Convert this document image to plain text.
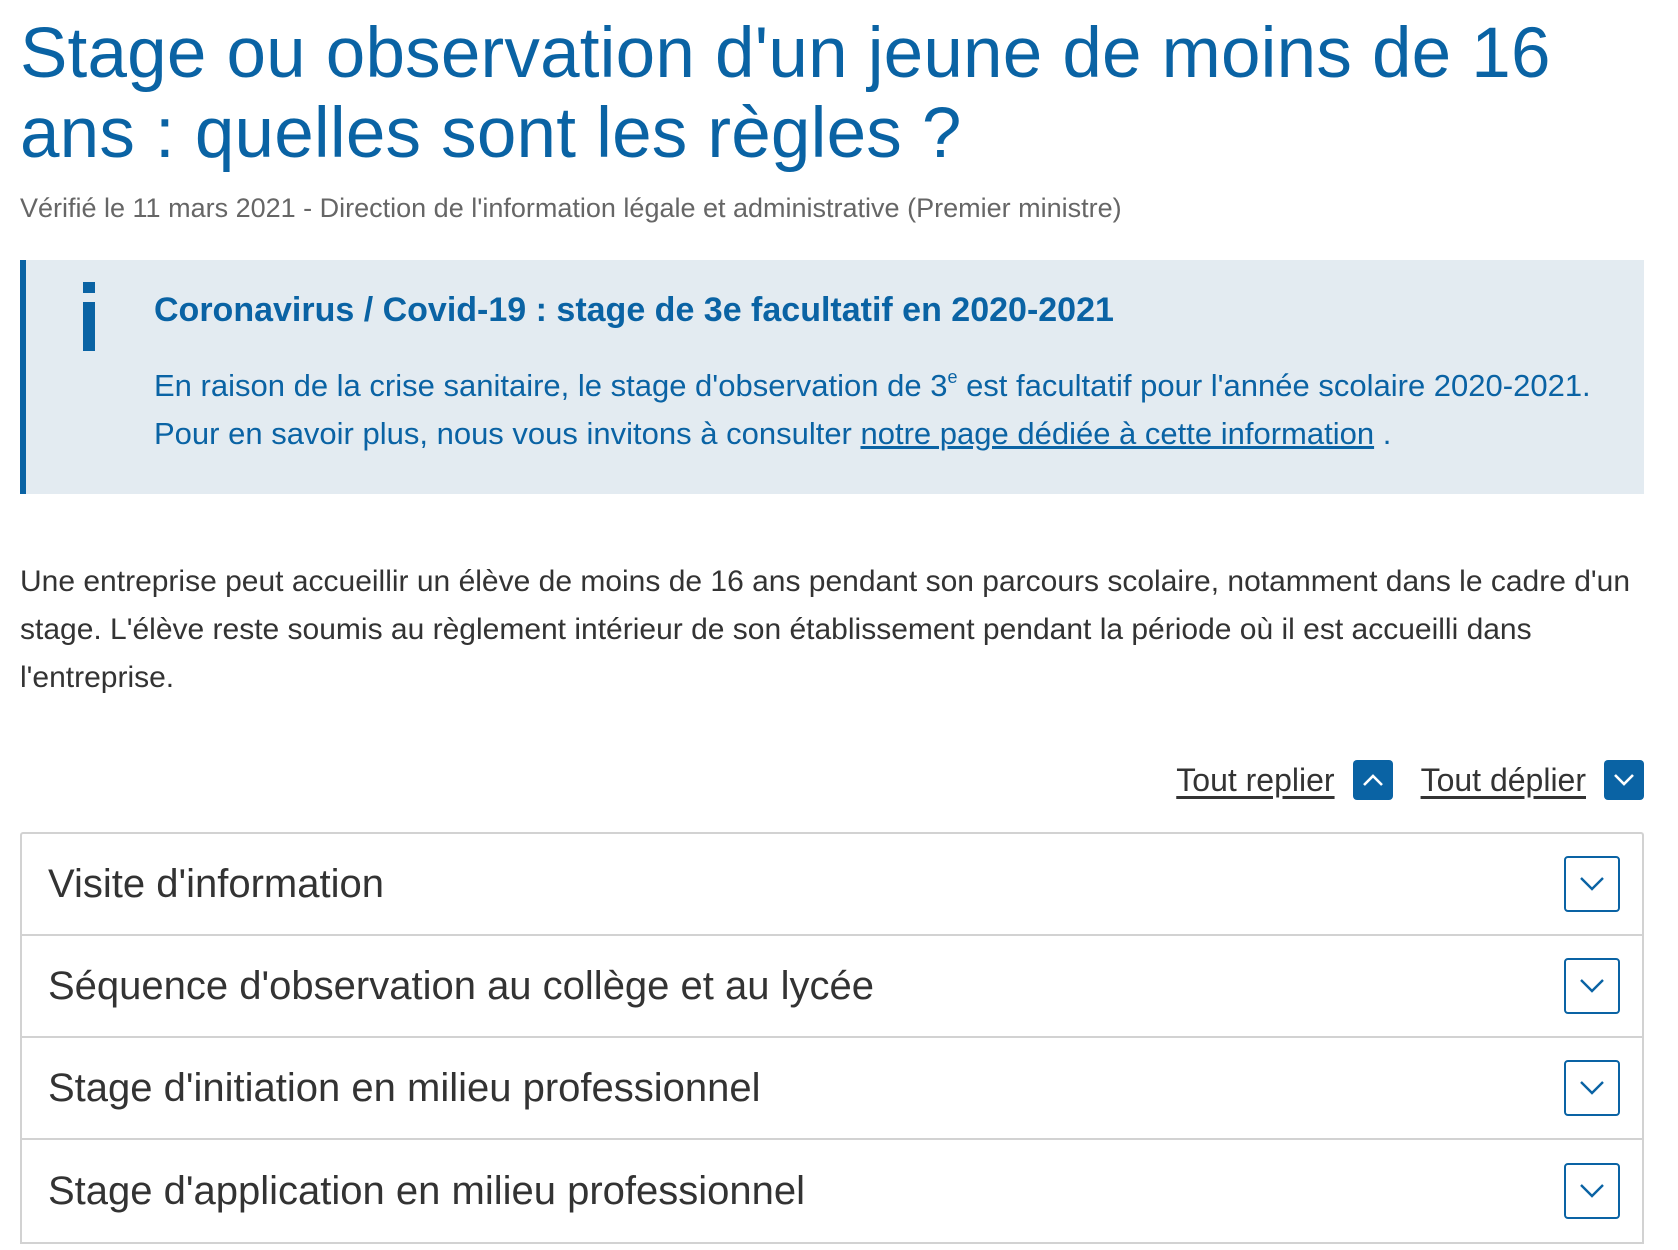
Stage ou observation d'un jeune de moins de 16 ans : quelles sont les règles ?
Vérifié le 11 mars 2021 - Direction de l'information légale et administrative (Premier ministre)
Coronavirus / Covid-19 : stage de 3e facultatif en 2020-2021
En raison de la crise sanitaire, le stage d'observation de 3e est facultatif pour l'année scolaire 2020-2021. Pour en savoir plus, nous vous invitons à consulter notre page dédiée à cette information .

Une entreprise peut accueillir un élève de moins de 16 ans pendant son parcours scolaire, notamment dans le cadre d'un stage. L'élève reste soumis au règlement intérieur de son établissement pendant la période où il est accueilli dans l'entreprise.

Tout replier	Tout déplier
Visite d'information
Séquence d'observation au collège et au lycée
Stage d'initiation en milieu professionnel
Stage d'application en milieu professionnel
